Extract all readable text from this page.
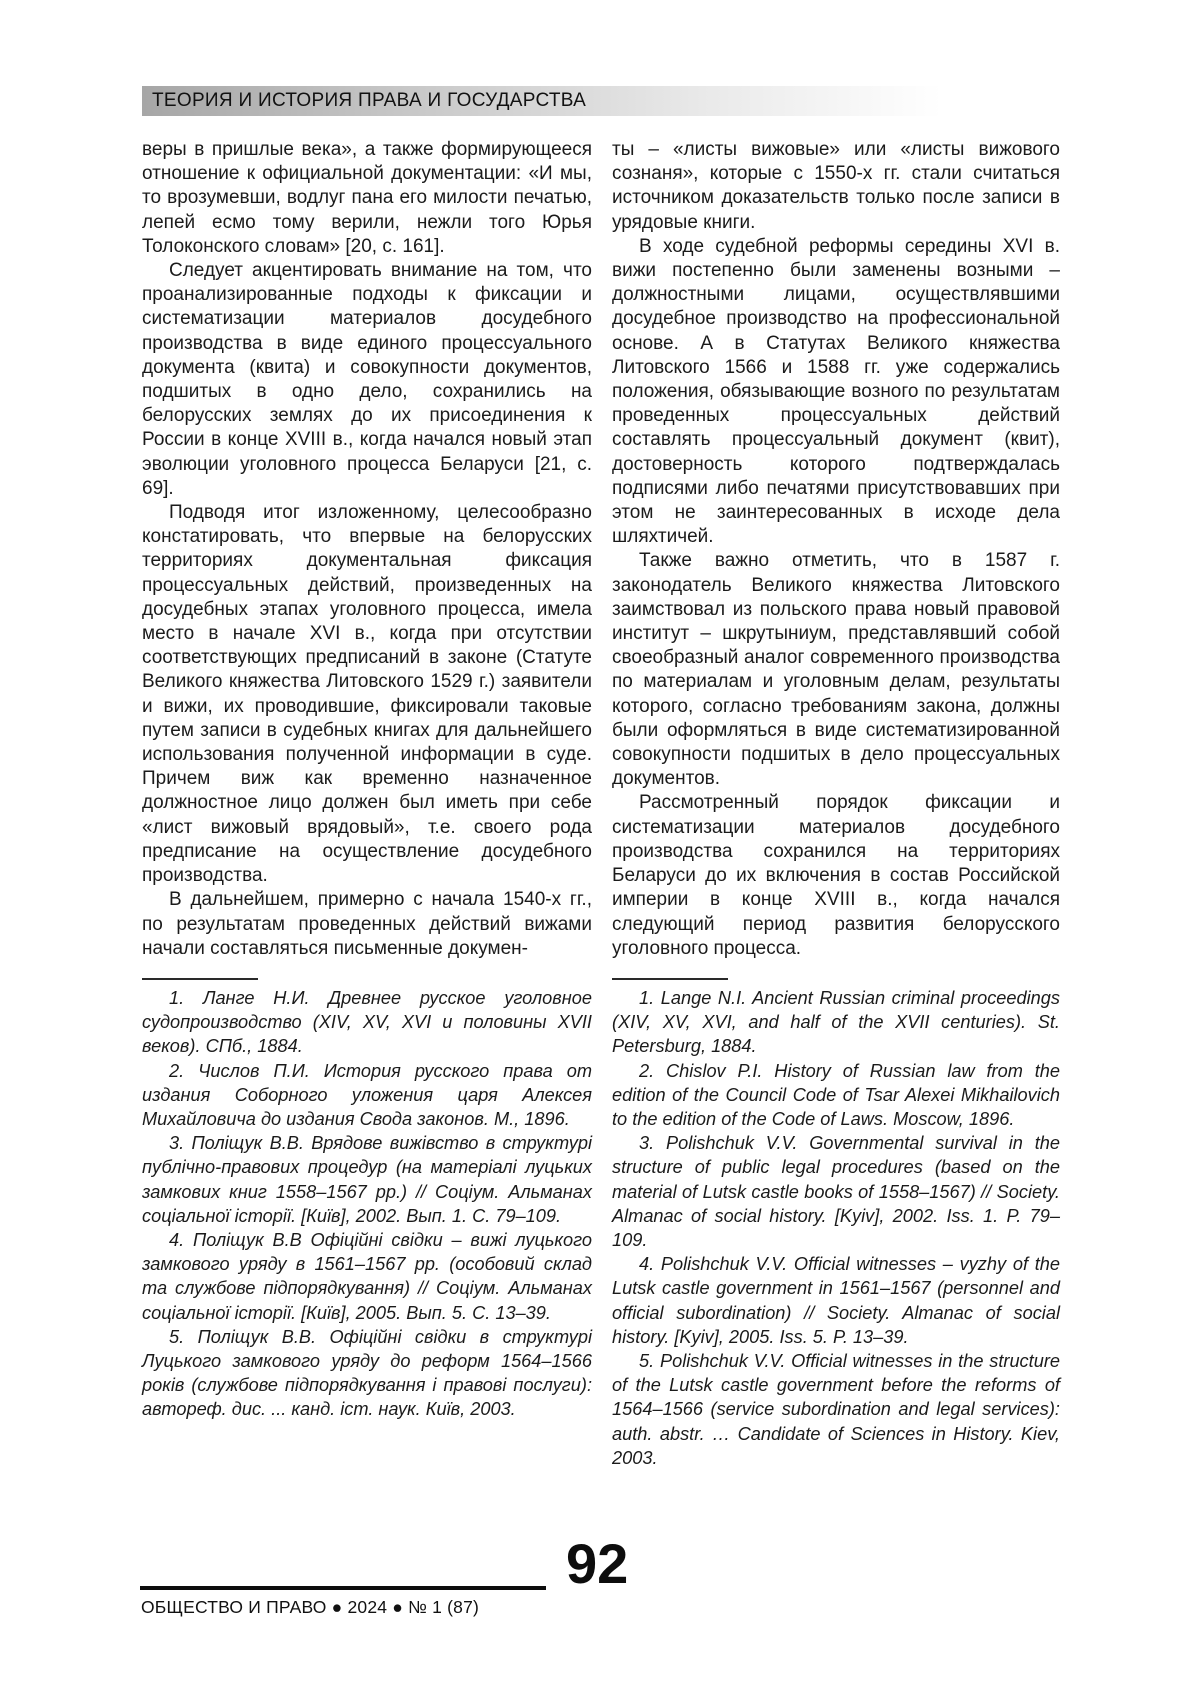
ТЕОРИЯ И ИСТОРИЯ ПРАВА И ГОСУДАРСТВА

веры в пришлые века», а также формирующееся отношение к официальной документации: «И мы, то врозумевши, водлуг пана его милости печатью, лепей есмо тому верили, нежли того Юрья Толоконского словам» [20, с. 161].

Следует акцентировать внимание на том, что проанализированные подходы к фиксации и систематизации материалов досудебного производства в виде единого процессуального документа (квита) и совокупности документов, подшитых в одно дело, сохранились на белорусских землях до их присоединения к России в конце XVIII в., когда начался новый этап эволюции уголовного процесса Беларуси [21, с. 69].

Подводя итог изложенному, целесообразно констатировать, что впервые на белорусских территориях документальная фиксация процессуальных действий, произведенных на досудебных этапах уголовного процесса, имела место в начале XVI в., когда при отсутствии соответствующих предписаний в законе (Статуте Великого княжества Литовского 1529 г.) заявители и вижи, их проводившие, фиксировали таковые путем записи в судебных книгах для дальнейшего использования полученной информации в суде. Причем виж как временно назначенное должностное лицо должен был иметь при себе «лист вижовый врядовый», т.е. своего рода предписание на осуществление досудебного производства.

В дальнейшем, примерно с начала 1540-х гг., по результатам проведенных действий вижами начали составляться письменные докумен-

ты – «листы вижовые» или «листы вижового сознаня», которые с 1550-х гг. стали считаться источником доказательств только после записи в урядовые книги.

В ходе судебной реформы середины XVI в. вижи постепенно были заменены возными – должностными лицами, осуществлявшими досудебное производство на профессиональной основе. А в Статутах Великого княжества Литовского 1566 и 1588 гг. уже содержались положения, обязывающие возного по результатам проведенных процессуальных действий составлять процессуальный документ (квит), достоверность которого подтверждалась подписями либо печатями присутствовавших при этом не заинтересованных в исходе дела шляхтичей.

Также важно отметить, что в 1587 г. законодатель Великого княжества Литовского заимствовал из польского права новый правовой институт – шкрутыниум, представлявший собой своеобразный аналог современного производства по материалам и уголовным делам, результаты которого, согласно требованиям закона, должны были оформляться в виде систематизированной совокупности подшитых в дело процессуальных документов.

Рассмотренный порядок фиксации и систематизации материалов досудебного производства сохранился на территориях Беларуси до их включения в состав Российской империи в конце XVIII в., когда начался следующий период развития белорусского уголовного процесса.

1. Ланге Н.И. Древнее русское уголовное судопроизводство (XIV, XV, XVI и половины XVII веков). СПб., 1884.

2. Числов П.И. История русского права от издания Соборного уложения царя Алексея Михайловича до издания Свода законов. М., 1896.

3. Поліщук В.В. Врядове вижівство в структурі публічно-правових процедур (на матеріалі луцьких замкових книг 1558–1567 рр.) // Соціум. Альманах соціальної історії. [Київ], 2002. Вып. 1. С. 79–109.

4. Поліщук В.В Офіційні свідки – вижі луцького замкового уряду в 1561–1567 рр. (особовий склад та службове підпорядкування) // Соціум. Альманах соціальної історії. [Київ], 2005. Вып. 5. С. 13–39.

5. Поліщук В.В. Офіційні свідки в структурі Луцького замкового уряду до реформ 1564–1566 років (службове підпорядкування і правові послуги): автореф. дис. ... канд. іст. наук. Київ, 2003.

1. Lange N.I. Ancient Russian criminal proceedings (XIV, XV, XVI, and half of the XVII centuries). St. Petersburg, 1884.

2. Chislov P.I. History of Russian law from the edition of the Council Code of Tsar Alexei Mikhailovich to the edition of the Code of Laws. Moscow, 1896.

3. Polishchuk V.V. Governmental survival in the structure of public legal procedures (based on the material of Lutsk castle books of 1558–1567) // Society. Almanac of social history. [Kyiv], 2002. Iss. 1. P. 79–109.

4. Polishchuk V.V. Official witnesses – vyzhy of the Lutsk castle government in 1561–1567 (personnel and official subordination) // Society. Almanac of social history. [Kyiv], 2005. Iss. 5. P. 13–39.

5. Polishchuk V.V. Official witnesses in the structure of the Lutsk castle government before the reforms of 1564–1566 (service subordination and legal services): auth. abstr. … Candidate of Sciences in History. Kiev, 2003.

92
ОБЩЕСТВО И ПРАВО ● 2024 ● № 1 (87)
